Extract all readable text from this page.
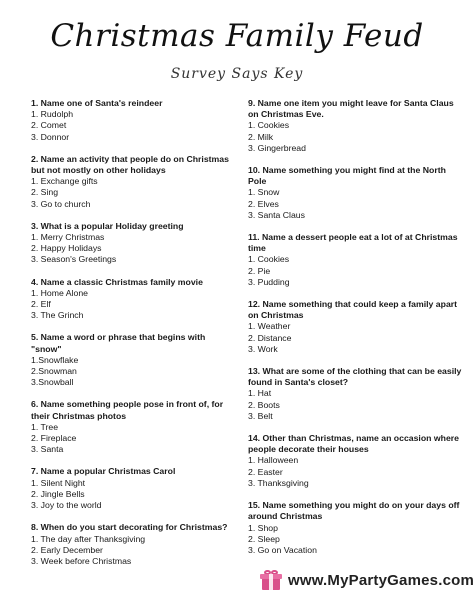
Christmas Family Feud
Survey Says Key
1. Name one of Santa's reindeer
1. Rudolph
2. Comet
3. Donnor
2. Name an activity that people do on Christmas but not mostly on other holidays
1. Exchange gifts
2. Sing
3. Go to church
3. What is a popular Holiday greeting
1. Merry Christmas
2. Happy Holidays
3. Season's Greetings
4. Name a classic Christmas family movie
1. Home Alone
2. Elf
3. The Grinch
5. Name a word or phrase that begins with "snow"
1.Snowflake
2.Snowman
3.Snowball
6. Name something people pose in front of, for their Christmas photos
1. Tree
2. Fireplace
3. Santa
7. Name a popular Christmas Carol
1. Silent Night
2. Jingle Bells
3. Joy to the world
8. When do you start decorating for Christmas?
1. The day after Thanksgiving
2. Early December
3. Week before Christmas
9. Name one item you might leave for Santa Claus on Christmas Eve.
1. Cookies
2. Milk
3. Gingerbread
10. Name something you might find at the North Pole
1. Snow
2. Elves
3. Santa Claus
11. Name a dessert people eat a lot of at Christmas time
1. Cookies
2. Pie
3. Pudding
12. Name something that could keep a family apart on Christmas
1. Weather
2. Distance
3. Work
13. What are some of the clothing that can be easily found in Santa's closet?
1. Hat
2. Boots
3. Belt
14. Other than Christmas, name an occasion where people decorate their houses
1. Halloween
2. Easter
3. Thanksgiving
15. Name something you might do on your days off around Christmas
1. Shop
2. Sleep
3. Go on Vacation
www.MyPartyGames.com
